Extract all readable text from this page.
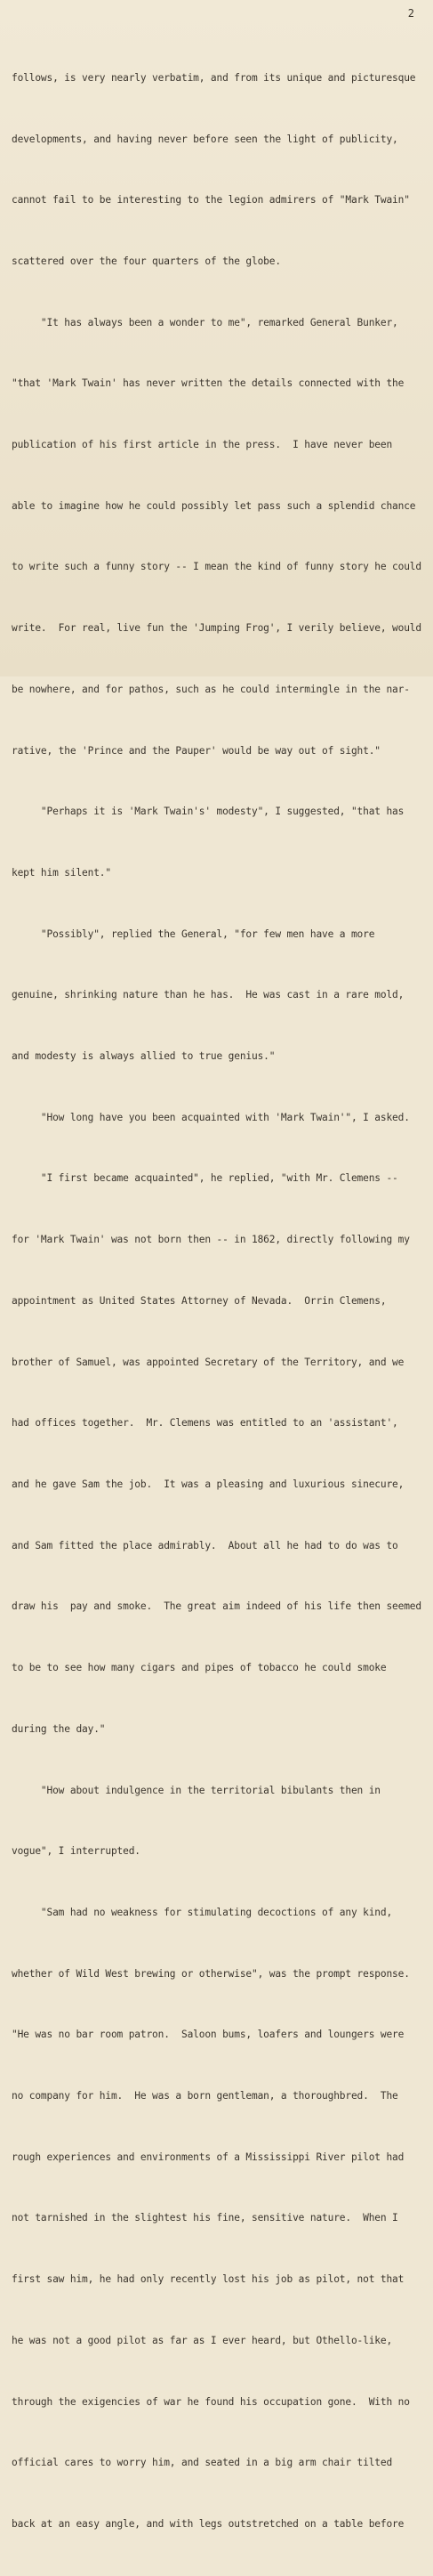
2

follows, is very nearly verbatim, and from its unique and picturesque

developments, and having never before seen the light of publicity,

cannot fail to be interesting to the legion admirers of "Mark Twain"

scattered over the four quarters of the globe.

"It has always been a wonder to me", remarked General Bunker,

"that 'Mark Twain' has never written the details connected with the

publication of his first article in the press.  I have never been

able to imagine how he could possibly let pass such a splendid chance

to write such a funny story -- I mean the kind of funny story he could

write.  For real, live fun the 'Jumping Frog', I verily believe, would

be nowhere, and for pathos, such as he could intermingle in the nar-

rative, the 'Prince and the Pauper' would be way out of sight."

"Perhaps it is 'Mark Twain's' modesty", I suggested, "that has

kept him silent."

"Possibly", replied the General, "for few men have a more

genuine, shrinking nature than he has.  He was cast in a rare mold,

and modesty is always allied to true genius."

"How long have you been acquainted with 'Mark Twain'", I asked.

"I first became acquainted", he replied, "with Mr. Clemens --

for 'Mark Twain' was not born then -- in 1862, directly following my

appointment as United States Attorney of Nevada.  Orrin Clemens,

brother of Samuel, was appointed Secretary of the Territory, and we

had offices together.  Mr. Clemens was entitled to an 'assistant',

and he gave Sam the job.  It was a pleasing and luxurious sinecure,

and Sam fitted the place admirably.  About all he had to do was to

draw his  pay and smoke.  The great aim indeed of his life then seemed

to be to see how many cigars and pipes of tobacco he could smoke

during the day."

"How about indulgence in the territorial bibulants then in

vogue", I interrupted.

"Sam had no weakness for stimulating decoctions of any kind,

whether of Wild West brewing or otherwise", was the prompt response.

"He was no bar room patron.  Saloon bums, loafers and loungers were

no company for him.  He was a born gentleman, a thoroughbred.  The

rough experiences and environments of a Mississippi River pilot had

not tarnished in the slightest his fine, sensitive nature.  When I

first saw him, he had only recently lost his job as pilot, not that

he was not a good pilot as far as I ever heard, but Othello-like,

through the exigencies of war he found his occupation gone.  With no

official cares to worry him, and seated in a big arm chair tilted

back at an easy angle, and with legs outstretched on a table before
